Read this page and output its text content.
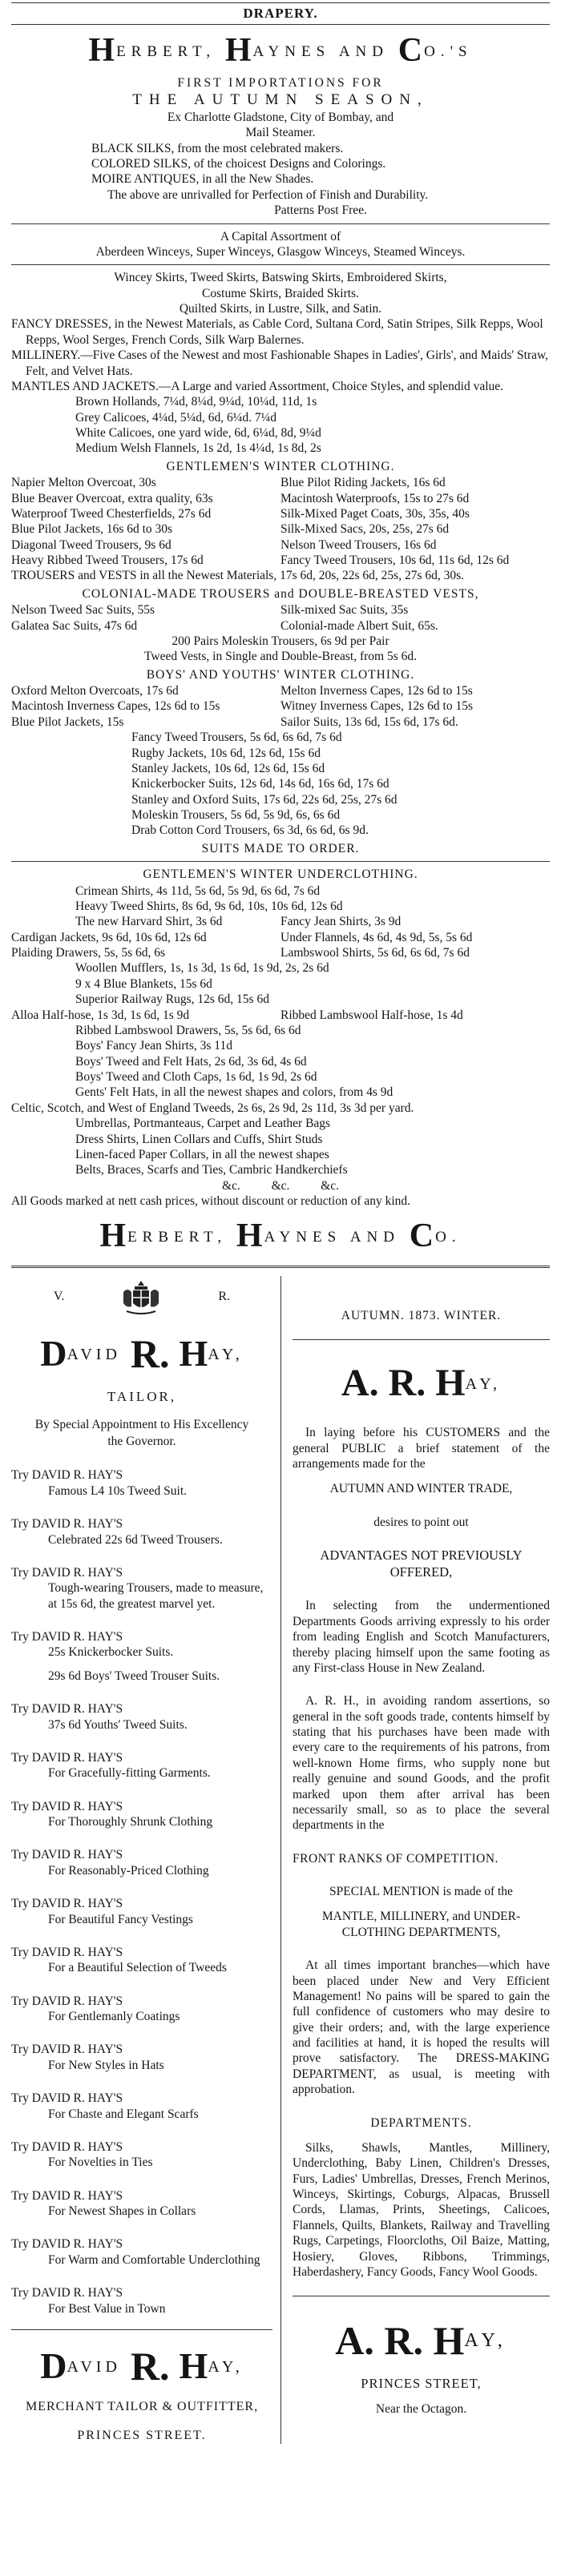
DRAPERY.
HERBERT, H AYNES AND C O.'S
FIRST IMPORTATIONS FOR
THE AUTUMN SEASON,
Ex Charlotte Gladstone, City of Bombay, and
Mail Steamer.
BLACK SILKS, from the most celebrated makers.
COLORED SILKS, of the choicest Designs and Colorings.
MOIRE ANTIQUES, in all the New Shades.
The above are unrivalled for Perfection of Finish and Durability.
Patterns Post Free.
A Capital Assortment of
Aberdeen Winceys, Super Winceys, Glasgow Winceys, Steamed Winceys.
Wincey Skirts, Tweed Skirts, Batswing Skirts, Embroidered Skirts,
Costume Skirts, Braided Skirts.
Quilted Skirts, in Lustre, Silk, and Satin.
FANCY DRESSES, in the Newest Materials, as Cable Cord, Sultana Cord, Satin Stripes, Silk Repps, Wool Repps, Wool Serges, French Cords, Silk Warp Balernes.
MILLINERY.—Five Cases of the Newest and most Fashionable Shapes in Ladies', Girls', and Maids' Straw, Felt, and Velvet Hats.
MANTLES AND JACKETS.—A Large and varied Assortment, Choice Styles, and splendid value.
Brown Hollands, 7¼d, 8¼d, 9¼d, 10¼d, 11d, 1s
Grey Calicoes, 4¼d, 5¼d, 6d, 6¼d. 7¼d
White Calicoes, one yard wide, 6d, 6¼d, 8d, 9¼d
Medium Welsh Flannels, 1s 2d, 1s 4¼d, 1s 8d, 2s
GENTLEMEN'S WINTER CLOTHING.
Napier Melton Overcoat, 30s	Blue Pilot Riding Jackets, 16s 6d
Blue Beaver Overcoat, extra quality, 63s	Macintosh Waterproofs, 15s to 27s 6d
Waterproof Tweed Chesterfields, 27s 6d	Silk-Mixed Paget Coats, 30s, 35s, 40s
Blue Pilot Jackets, 16s 6d to 30s	Silk-Mixed Sacs, 20s, 25s, 27s 6d
Diagonal Tweed Trousers, 9s 6d	Nelson Tweed Trousers, 16s 6d
Heavy Ribbed Tweed Trousers, 17s 6d	Fancy Tweed Trousers, 10s 6d, 11s 6d, 12s 6d
TROUSERS and VESTS in all the Newest Materials, 17s 6d, 20s, 22s 6d, 25s, 27s 6d, 30s.
COLONIAL-MADE TROUSERS and DOUBLE-BREASTED VESTS,
Nelson Tweed Sac Suits, 55s	Silk-mixed Sac Suits, 35s
Galatea Sac Suits, 47s 6d	Colonial-made Albert Suit, 65s.
200 Pairs Moleskin Trousers, 6s 9d per Pair
Tweed Vests, in Single and Double-Breast, from 5s 6d.
BOYS' AND YOUTHS' WINTER CLOTHING.
Oxford Melton Overcoats, 17s 6d	Melton Inverness Capes, 12s 6d to 15s
Macintosh Inverness Capes, 12s 6d to 15s	Witney Inverness Capes, 12s 6d to 15s
Blue Pilot Jackets, 15s	Sailor Suits, 13s 6d, 15s 6d, 17s 6d.
Fancy Tweed Trousers, 5s 6d, 6s 6d, 7s 6d
Rugby Jackets, 10s 6d, 12s 6d, 15s 6d
Stanley Jackets, 10s 6d, 12s 6d, 15s 6d
Knickerbocker Suits, 12s 6d, 14s 6d, 16s 6d, 17s 6d
Stanley and Oxford Suits, 17s 6d, 22s 6d, 25s, 27s 6d
Moleskin Trousers, 5s 6d, 5s 9d, 6s, 6s 6d
Drab Cotton Cord Trousers, 6s 3d, 6s 6d, 6s 9d.
SUITS MADE TO ORDER.
GENTLEMEN'S WINTER UNDERCLOTHING.
Crimean Shirts, 4s 11d, 5s 6d, 5s 9d, 6s 6d, 7s 6d
Heavy Tweed Shirts, 8s 6d, 9s 6d, 10s, 10s 6d, 12s 6d
The new Harvard Shirt, 3s 6d	Fancy Jean Shirts, 3s 9d
Cardigan Jackets, 9s 6d, 10s 6d, 12s 6d	Under Flannels, 4s 6d, 4s 9d, 5s, 5s 6d
Plaiding Drawers, 5s, 5s 6d, 6s	Lambswool Shirts, 5s 6d, 6s 6d, 7s 6d
Woollen Mufflers, 1s, 1s 3d, 1s 6d, 1s 9d, 2s, 2s 6d
9 x 4 Blue Blankets, 15s 6d
Superior Railway Rugs, 12s 6d, 15s 6d
Alloa Half-hose, 1s 3d, 1s 6d, 1s 9d	Ribbed Lambswool Half-hose, 1s 4d
Ribbed Lambswool Drawers, 5s, 5s 6d, 6s 6d
Boys' Fancy Jean Shirts, 3s 11d
Boys' Tweed and Felt Hats, 2s 6d, 3s 6d, 4s 6d
Boys' Tweed and Cloth Caps, 1s 6d, 1s 9d, 2s 6d
Gents' Felt Hats, in all the newest shapes and colors, from 4s 9d
Celtic, Scotch, and West of England Tweeds, 2s 6s, 2s 9d, 2s 11d, 3s 3d per yard.
Umbrellas, Portmanteaus, Carpet and Leather Bags
Dress Shirts, Linen Collars and Cuffs, Shirt Studs
Linen-faced Paper Collars, in all the newest shapes
Belts, Braces, Scarfs and Ties, Cambric Handkerchiefs
&c.          &c.          &c.
All Goods marked at nett cash prices, without discount or reduction of any kind.
HERBERT, H AYNES AND C O.
V.	R.
DAVID R. HAY,
TAILOR,
By Special Appointment to His Excellency
the Governor.
Try DAVID R. HAY'S
Famous L4 10s Tweed Suit.
Try DAVID R. HAY'S
Celebrated 22s 6d Tweed Trousers.
Try DAVID R. HAY'S
Tough-wearing Trousers, made to measure, at 15s 6d, the greatest marvel yet.
Try DAVID R. HAY'S
25s Knickerbocker Suits.
29s 6d Boys' Tweed Trouser Suits.
Try DAVID R. HAY'S
37s 6d Youths' Tweed Suits.
Try DAVID R. HAY'S
For Gracefully-fitting Garments.
Try DAVID R. HAY'S
For Thoroughly Shrunk Clothing
Try DAVID R. HAY'S
For Reasonably-Priced Clothing
Try DAVID R. HAY'S
For Beautiful Fancy Vestings
Try DAVID R. HAY'S
For a Beautiful Selection of Tweeds
Try DAVID R. HAY'S
For Gentlemanly Coatings
Try DAVID R. HAY'S
For New Styles in Hats
Try DAVID R. HAY'S
For Chaste and Elegant Scarfs
Try DAVID R. HAY'S
For Novelties in Ties
Try DAVID R. HAY'S
For Newest Shapes in Collars
Try DAVID R. HAY'S
For Warm and Comfortable Underclothing
Try DAVID R. HAY'S
For Best Value in Town
DAVID R. HAY,
MERCHANT TAILOR & OUTFITTER,
PRINCES STREET.
AUTUMN. 1873. WINTER.
A. R. HAY,
In laying before his CUSTOMERS and the general PUBLIC a brief statement of the arrangements made for the
AUTUMN AND WINTER TRADE,
desires to point out
ADVANTAGES NOT PREVIOUSLY
OFFERED,
In selecting from the undermentioned Departments Goods arriving expressly to his order from leading English and Scotch Manufacturers, thereby placing himself upon the same footing as any First-class House in New Zealand.
A. R. H., in avoiding random assertions, so general in the soft goods trade, contents himself by stating that his purchases have been made with every care to the requirements of his patrons, from well-known Home firms, who supply none but really genuine and sound Goods, and the profit marked upon them after arrival has been necessarily small, so as to place the several departments in the
FRONT RANKS OF COMPETITION.
SPECIAL MENTION is made of the
MANTLE, MILLINERY, and UNDER-CLOTHING DEPARTMENTS,
At all times important branches—which have been placed under New and Very Efficient Management! No pains will be spared to gain the full confidence of customers who may desire to give their orders; and, with the large experience and facilities at hand, it is hoped the results will prove satisfactory. The DRESS-MAKING DEPARTMENT, as usual, is meeting with approbation.
DEPARTMENTS.
Silks, Shawls, Mantles, Millinery, Underclothing, Baby Linen, Children's Dresses, Furs, Ladies' Umbrellas, Dresses, French Merinos, Winceys, Skirtings, Coburgs, Alpacas, Brussell Cords, Llamas, Prints, Sheetings, Calicoes, Flannels, Quilts, Blankets, Railway and Travelling Rugs, Carpetings, Floorcloths, Oil Baize, Matting, Hosiery, Gloves, Ribbons, Trimmings, Haberdashery, Fancy Goods, Fancy Wool Goods.
A. R. HAY,
PRINCES STREET,
Near the Octagon.
